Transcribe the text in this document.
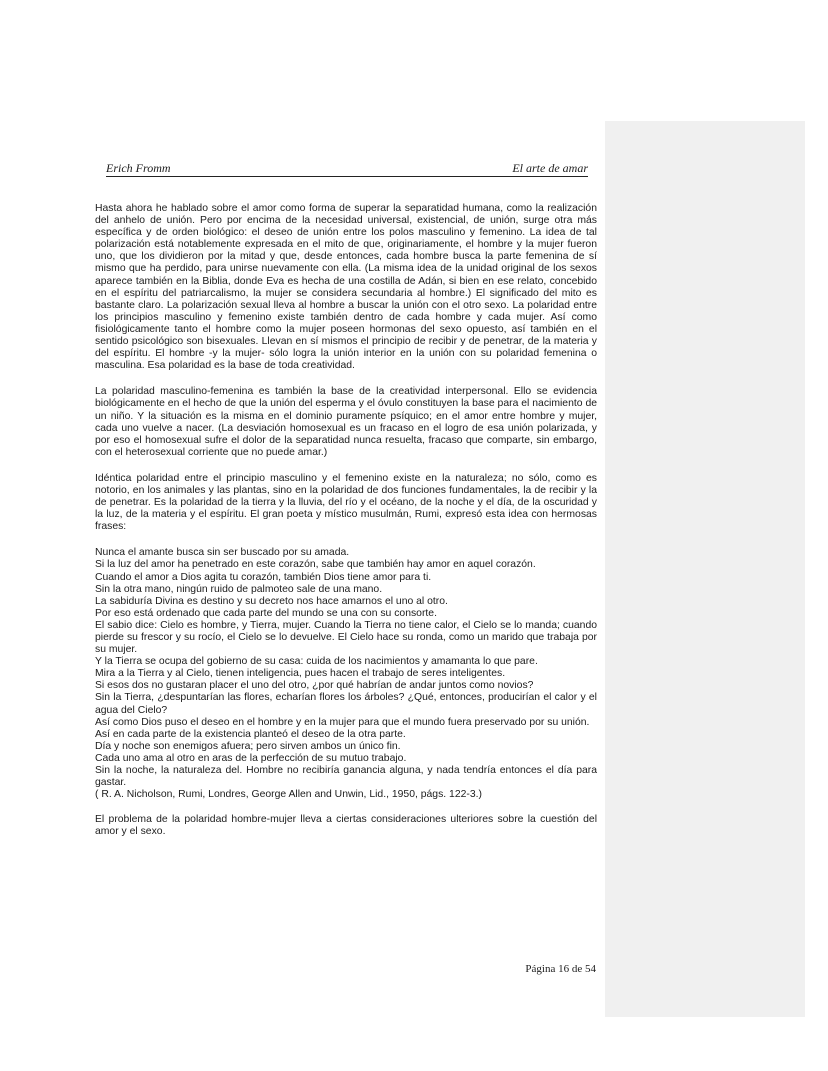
Erich Fromm	El arte de amar

Hasta ahora he hablado sobre el amor como forma de superar la separatidad humana, como la realización del anhelo de unión. Pero por encima de la necesidad universal, existencial, de unión, surge otra más específica y de orden biológico: el deseo de unión entre los polos masculino y femenino. La idea de tal polarización está notablemente expresada en el mito de que, originariamente, el hombre y la mujer fueron uno, que los dividieron por la mitad y que, desde entonces, cada hombre busca la parte femenina de sí mismo que ha perdido, para unirse nuevamente con ella. (La misma idea de la unidad original de los sexos aparece también en la Biblia, donde Eva es hecha de una costilla de Adán, si bien en ese relato, concebido en el espíritu del patriarcalismo, la mujer se considera secundaria al hombre.) El significado del mito es bastante claro. La polarización sexual lleva al hombre a buscar la unión con el otro sexo. La polaridad entre los principios masculino y femenino existe también dentro de cada hombre y cada mujer. Así como fisiológicamente tanto el hombre como la mujer poseen hormonas del sexo opuesto, así también en el sentido psicológico son bisexuales. Llevan en sí mismos el principio de recibir y de penetrar, de la materia y del espíritu. El hombre -y la mujer- sólo logra la unión interior en la unión con su polaridad femenina o masculina. Esa polaridad es la base de toda creatividad.

La polaridad masculino-femenina es también la base de la creatividad interpersonal. Ello se evidencia biológicamente en el hecho de que la unión del esperma y el óvulo constituyen la base para el nacimiento de un niño. Y la situación es la misma en el dominio puramente psíquico; en el amor entre hombre y mujer, cada uno vuelve a nacer. (La desviación homosexual es un fracaso en el logro de esa unión polarizada, y por eso el homosexual sufre el dolor de la separatidad nunca resuelta, fracaso que comparte, sin embargo, con el heterosexual corriente que no puede amar.)

Idéntica polaridad entre el principio masculino y el femenino existe en la naturaleza; no sólo, como es notorio, en los animales y las plantas, sino en la polaridad de dos funciones fundamentales, la de recibir y la de penetrar. Es la polaridad de la tierra y la lluvia, del río y el océano, de la noche y el día, de la oscuridad y la luz, de la materia y el espíritu. El gran poeta y místico musulmán, Rumi, expresó esta idea con hermosas frases:

Nunca el amante busca sin ser buscado por su amada.
Si la luz del amor ha penetrado en este corazón, sabe que también hay amor en aquel corazón.
Cuando el amor a Dios agita tu corazón, también Dios tiene amor para ti.
Sin la otra mano, ningún ruido de palmoteo sale de una mano.
La sabiduría Divina es destino y su decreto nos hace amarnos el uno al otro.
Por eso está ordenado que cada parte del mundo se una con su consorte.
El sabio dice: Cielo es hombre, y Tierra, mujer. Cuando la Tierra no tiene calor, el Cielo se lo manda; cuando pierde su frescor y su rocío, el Cielo se lo devuelve. El Cielo hace su ronda, como un marido que trabaja por su mujer.
Y la Tierra se ocupa del gobierno de su casa: cuida de los nacimientos y amamanta lo que pare.
Mira a la Tierra y al Cielo, tienen inteligencia, pues hacen el trabajo de seres inteligentes.
Si esos dos no gustaran placer el uno del otro, ¿por qué habrían de andar juntos como novios?
Sin la Tierra, ¿despuntarían las flores, echarían flores los árboles? ¿Qué, entonces, producirían el calor y el agua del Cielo?
Así como Dios puso el deseo en el hombre y en la mujer para que el mundo fuera preservado por su unión.
Así en cada parte de la existencia planteó el deseo de la otra parte.
Día y noche son enemigos afuera; pero sirven ambos un único fin.
Cada uno ama al otro en aras de la perfección de su mutuo trabajo.
Sin la noche, la naturaleza del. Hombre no recibiría ganancia alguna, y nada tendría entonces el día para gastar.
( R. A. Nicholson, Rumi, Londres, George Allen and Unwin, Lid., 1950, págs. 122-3.)

El problema de la polaridad hombre-mujer lleva a ciertas consideraciones ulteriores sobre la cuestión del amor y el sexo.

Página 16 de 54
